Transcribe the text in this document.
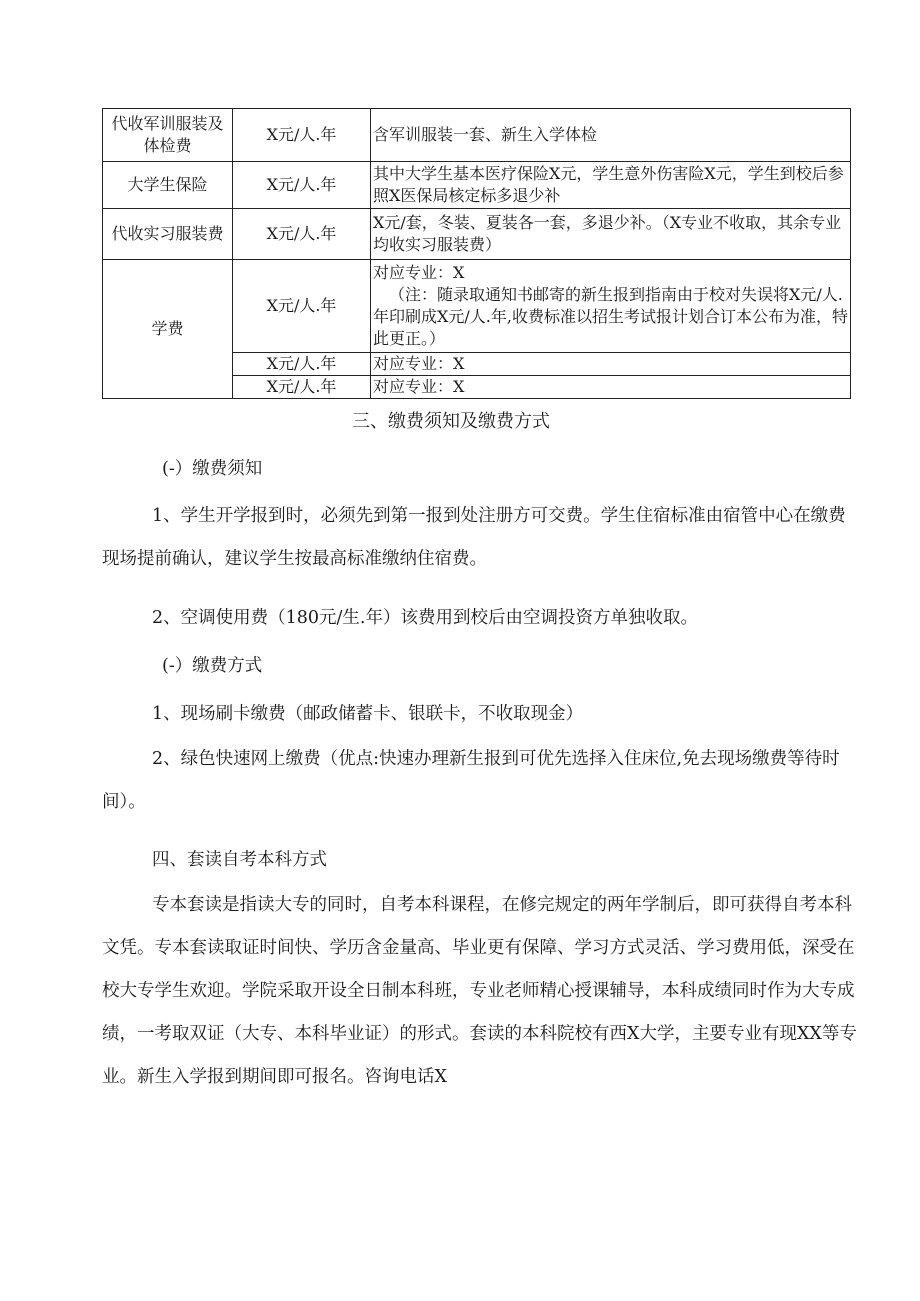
代收军训服装及体检费	X元/人.年	含军训服装一套、新生入学体检
大学生保险	X元/人.年	其中大学生基本医疗保险X元，学生意外伤害险X元，学生到校后参照X医保局核定标多退少补
代收实习服装费	X元/人.年	X元/套，冬装、夏装各一套，多退少补。（X专业不收取，其余专业均收实习服装费）
学费	X元/人.年	对应专业：X
（注：随录取通知书邮寄的新生报到指南由于校对失误将X元/人.年印刷成X元/人.年,收费标准以招生考试报计划合订本公布为准，特此更正。）

	X元/人.年	对应专业：X
	X元/人.年	对应专业：X
三、缴费须知及缴费方式

(-）缴费须知

1、学生开学报到时，必须先到第一报到处注册方可交费。学生住宿标准由宿管中心在缴费现场提前确认，建议学生按最高标准缴纳住宿费。

2、空调使用费（180元/生.年）该费用到校后由空调投资方单独收取。

(-）缴费方式

1、现场刷卡缴费（邮政储蓄卡、银联卡，不收取现金）

2、绿色快速网上缴费（优点:快速办理新生报到可优先选择入住床位,免去现场缴费等待时间）。

四、套读自考本科方式

专本套读是指读大专的同时，自考本科课程，在修完规定的两年学制后，即可获得自考本科文凭。专本套读取证时间快、学历含金量高、毕业更有保障、学习方式灵活、学习费用低，深受在校大专学生欢迎。学院采取开设全日制本科班，专业老师精心授课辅导，本科成绩同时作为大专成绩，一考取双证（大专、本科毕业证）的形式。套读的本科院校有西X大学，主要专业有现XX等专业。新生入学报到期间即可报名。咨询电话X
